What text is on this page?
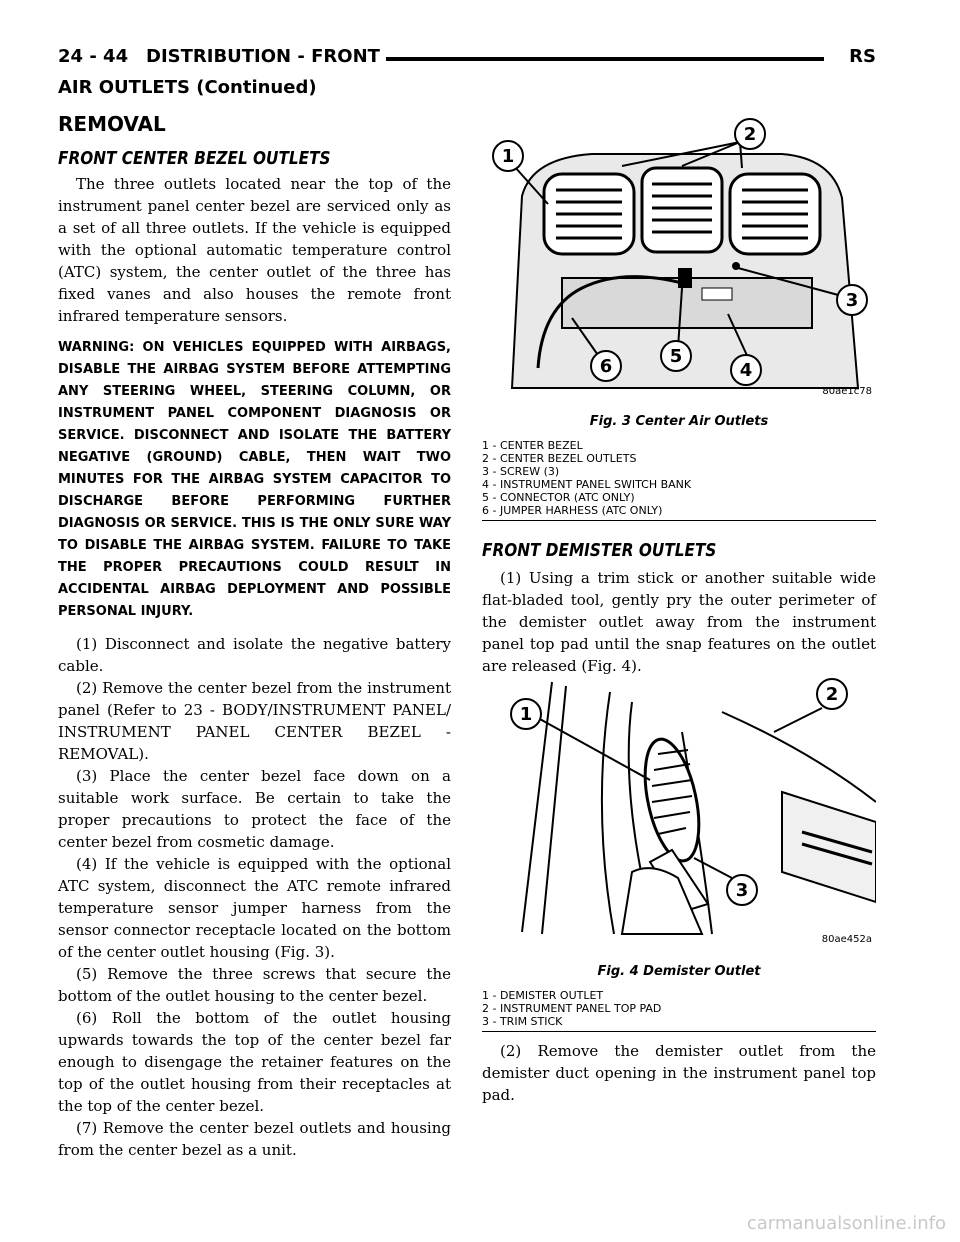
24 - 44 DISTRIBUTION - FRONT	RS
AIR OUTLETS (Continued)
REMOVAL
FRONT CENTER BEZEL OUTLETS

The three outlets located near the top of the instrument panel center bezel are serviced only as a set of all three outlets. If the vehicle is equipped with the optional automatic temperature control (ATC) system, the center outlet of the three has fixed vanes and also houses the remote front infrared temperature sensors.

WARNING: ON VEHICLES EQUIPPED WITH AIRBAGS, DISABLE THE AIRBAG SYSTEM BEFORE ATTEMPTING ANY STEERING WHEEL, STEERING COLUMN, OR INSTRUMENT PANEL COMPONENT DIAGNOSIS OR SERVICE. DISCONNECT AND ISOLATE THE BATTERY NEGATIVE (GROUND) CABLE, THEN WAIT TWO MINUTES FOR THE AIRBAG SYSTEM CAPACITOR TO DISCHARGE BEFORE PERFORMING FURTHER DIAGNOSIS OR SERVICE. THIS IS THE ONLY SURE WAY TO DISABLE THE AIRBAG SYSTEM. FAILURE TO TAKE THE PROPER PRECAUTIONS COULD RESULT IN ACCIDENTAL AIRBAG DEPLOYMENT AND POSSIBLE PERSONAL INJURY.

(1) Disconnect and isolate the negative battery cable.

(2) Remove the center bezel from the instrument panel (Refer to 23 - BODY/INSTRUMENT PANEL/ INSTRUMENT PANEL CENTER BEZEL - REMOVAL).

(3) Place the center bezel face down on a suitable work surface. Be certain to take the proper precautions to protect the face of the center bezel from cosmetic damage.

(4) If the vehicle is equipped with the optional ATC system, disconnect the ATC remote infrared temperature sensor jumper harness from the sensor connector receptacle located on the bottom of the center outlet housing (Fig. 3).

(5) Remove the three screws that secure the bottom of the outlet housing to the center bezel.

(6) Roll the bottom of the outlet housing upwards towards the top of the center bezel far enough to disengage the retainer features on the top of the outlet housing from their receptacles at the top of the center bezel.

(7) Remove the center bezel outlets and housing from the center bezel as a unit.

1
2
3
4
5
6
80ae1c78
Fig. 3 Center Air Outlets
1 - CENTER BEZEL
2 - CENTER BEZEL OUTLETS
3 - SCREW (3)
4 - INSTRUMENT PANEL SWITCH BANK
5 - CONNECTOR (ATC ONLY)
6 - JUMPER HARHESS (ATC ONLY)
FRONT DEMISTER OUTLETS

(1) Using a trim stick or another suitable wide flat-bladed tool, gently pry the outer perimeter of the demister outlet away from the instrument panel top pad until the snap features on the outlet are released (Fig. 4).

1
2
3
80ae452a
Fig. 4 Demister Outlet
1 - DEMISTER OUTLET
2 - INSTRUMENT PANEL TOP PAD
3 - TRIM STICK

(2) Remove the demister outlet from the demister duct opening in the instrument panel top pad.

carmanualsonline.info
